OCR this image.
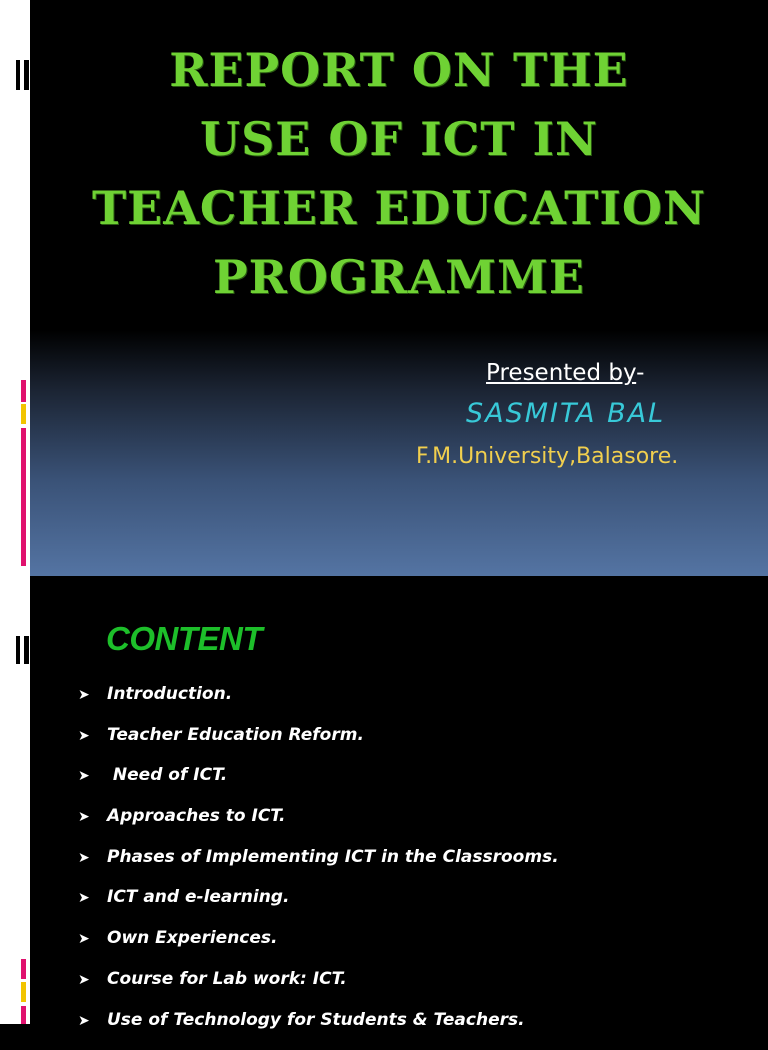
REPORT ON THE
USE OF ICT IN
TEACHER EDUCATION
PROGRAMME
Presented by-
SASMITA BAL
F.M.University,Balasore.
CONTENT
➤	Introduction.
➤	Teacher Education Reform.
➤	Need of ICT.
➤	Approaches to ICT.
➤	Phases of Implementing ICT in the Classrooms.
➤	ICT and e-learning.
➤	Own Experiences.
➤	Course for Lab work: ICT.
➤	Use of Technology for Students & Teachers.
